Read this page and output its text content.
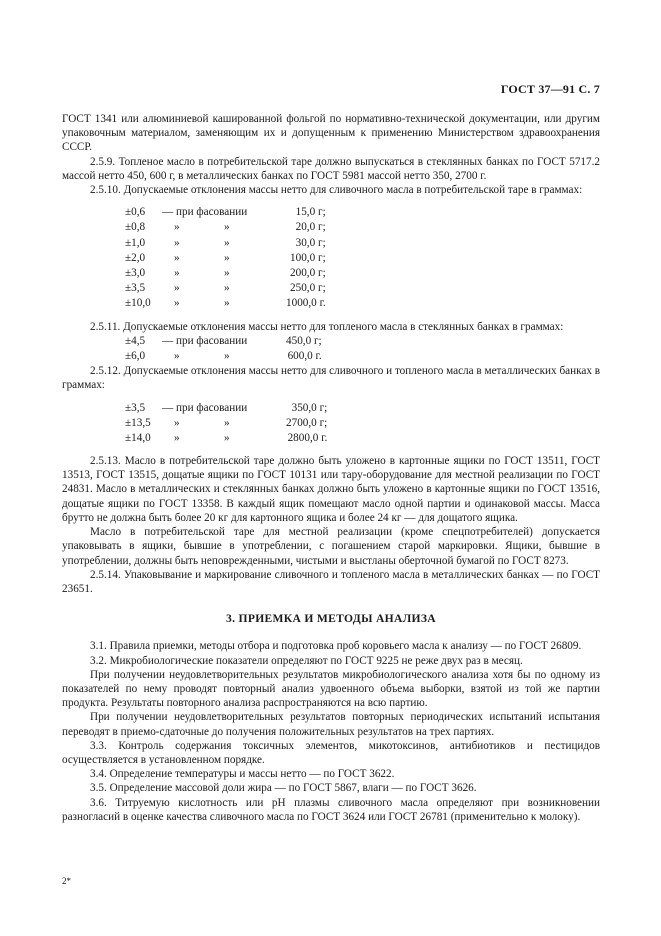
ГОСТ 37—91 С. 7

ГОСТ 1341 или алюминиевой кашированной фольгой по нормативно-технической документации, или другим упаковочным материалом, заменяющим их и допущенным к применению Министерством здравоохранения СССР.

2.5.9. Топленое масло в потребительской таре должно выпускаться в стеклянных банках по ГОСТ 5717.2 массой нетто 450, 600 г, в металлических банках по ГОСТ 5981 массой нетто 350, 2700 г.

2.5.10. Допускаемые отклонения массы нетто для сливочного масла в потребительской таре в граммах:

±0,6	— при фасовании		15,0 г;
±0,8	»	»	20,0 г;
±1,0	»	»	30,0 г;
±2,0	»	»	100,0 г;
±3,0	»	»	200,0 г;
±3,5	»	»	250,0 г;
±10,0	»	»	1000,0 г.

2.5.11. Допускаемые отклонения массы нетто для топленого масла в стеклянных банках в граммах:

±4,5	— при фасовании		450,0 г;
±6,0	»	»	600,0 г.

2.5.12. Допускаемые отклонения массы нетто для сливочного и топленого масла в металлических банках в граммах:

±3,5	— при фасовании		350,0 г;
±13,5	»	»	2700,0 г;
±14,0	»	»	2800,0 г.

2.5.13. Масло в потребительской таре должно быть уложено в картонные ящики по ГОСТ 13511, ГОСТ 13513, ГОСТ 13515, дощатые ящики по ГОСТ 10131 или тару-оборудование для местной реализации по ГОСТ 24831. Масло в металлических и стеклянных банках должно быть уложено в картонные ящики по ГОСТ 13516, дощатые ящики по ГОСТ 13358. В каждый ящик помещают масло одной партии и одинаковой массы. Масса брутто не должна быть более 20 кг для картонного ящика и более 24 кг — для дощатого ящика.

Масло в потребительской таре для местной реализации (кроме спецпотребителей) допускается упаковывать в ящики, бывшие в употреблении, с погашением старой маркировки. Ящики, бывшие в употреблении, должны быть неповрежденными, чистыми и выстланы оберточной бумагой по ГОСТ 8273.

2.5.14. Упаковывание и маркирование сливочного и топленого масла в металлических банках — по ГОСТ 23651.

3. ПРИЕМКА И МЕТОДЫ АНАЛИЗА

3.1. Правила приемки, методы отбора и подготовка проб коровьего масла к анализу — по ГОСТ 26809.

3.2. Микробиологические показатели определяют по ГОСТ 9225 не реже двух раз в месяц.

При получении неудовлетворительных результатов микробиологического анализа хотя бы по одному из показателей по нему проводят повторный анализ удвоенного объема выборки, взятой из той же партии продукта. Результаты повторного анализа распространяются на всю партию.

При получении неудовлетворительных результатов повторных периодических испытаний испытания переводят в приемо-сдаточные до получения положительных результатов на трех партиях.

3.3. Контроль содержания токсичных элементов, микотоксинов, антибиотиков и пестицидов осуществляется в установленном порядке.

3.4. Определение температуры и массы нетто — по ГОСТ 3622.

3.5. Определение массовой доли жира — по ГОСТ 5867, влаги — по ГОСТ 3626.

3.6. Титруемую кислотность или pH плазмы сливочного масла определяют при возникновении разногласий в оценке качества сливочного масла по ГОСТ 3624 или ГОСТ 26781 (применительно к молоку).

2*
